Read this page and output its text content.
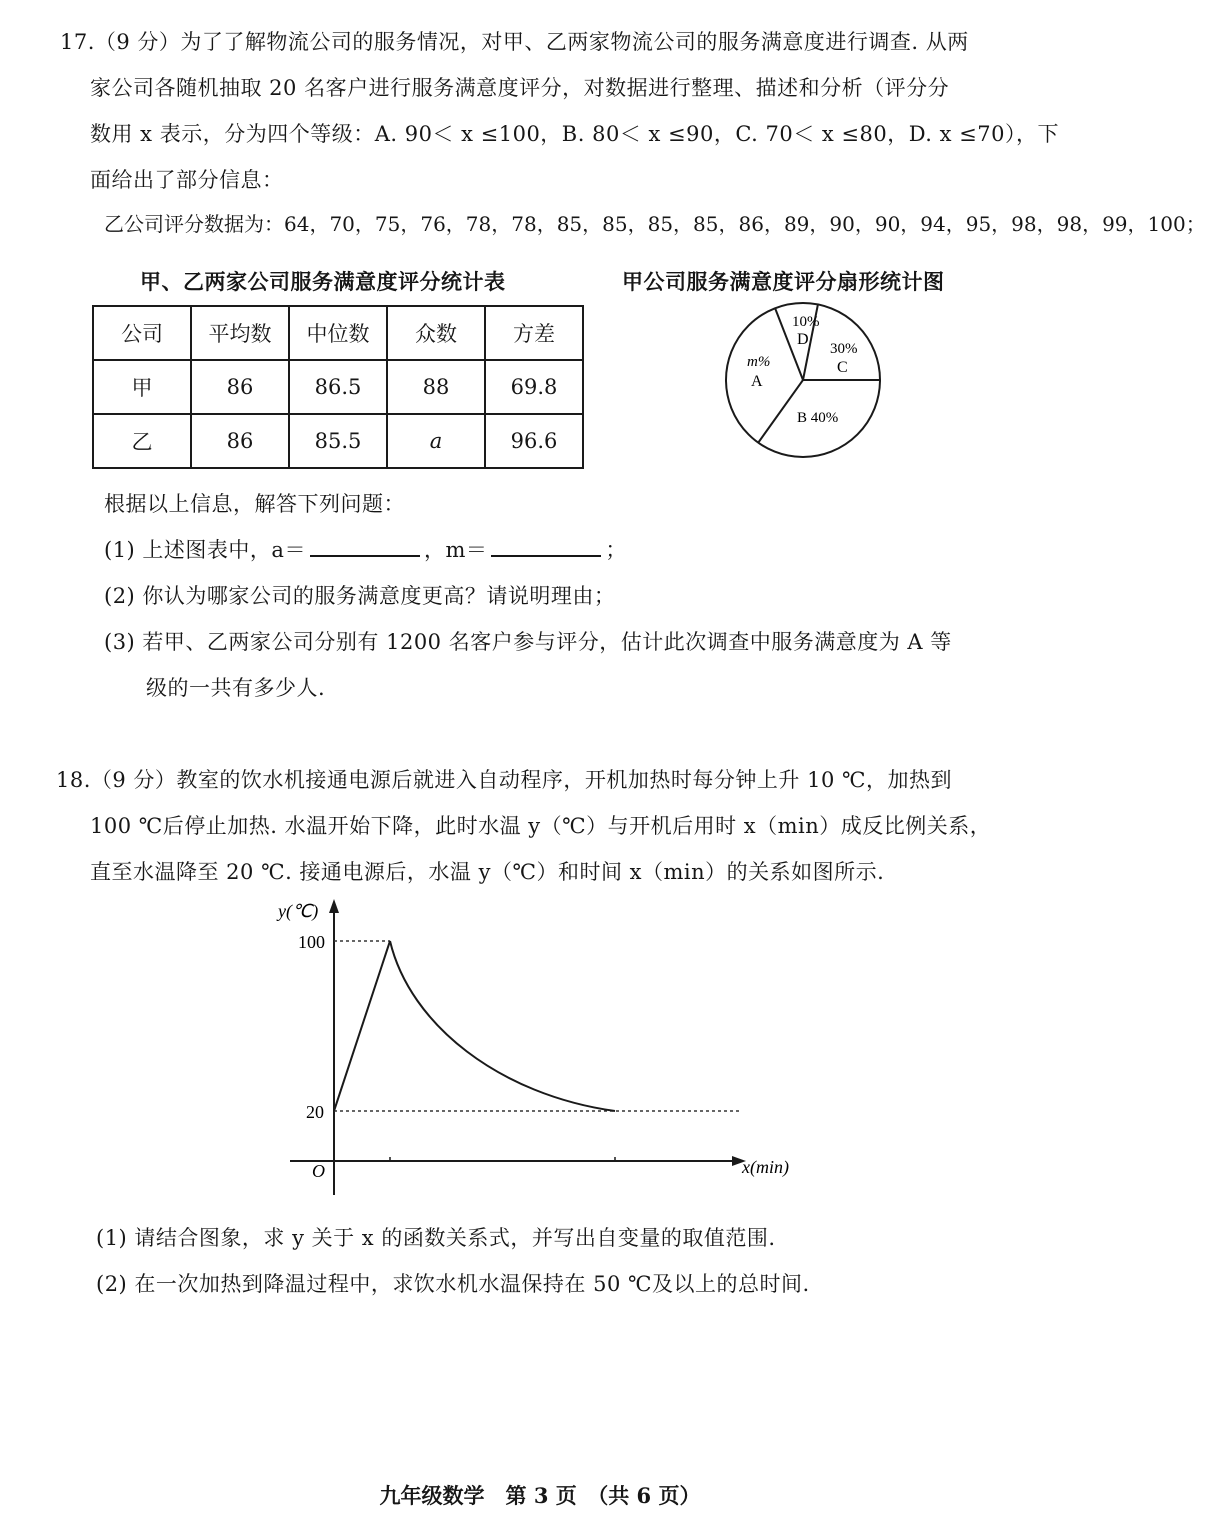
17.（9 分）为了了解物流公司的服务情况，对甲、乙两家物流公司的服务满意度进行调查. 从两
家公司各随机抽取 20 名客户进行服务满意度评分，对数据进行整理、描述和分析（评分分
数用 x 表示，分为四个等级：A. 90＜ x ≤100，B. 80＜ x ≤90，C. 70＜ x ≤80，D. x ≤70），下
面给出了部分信息：
乙公司评分数据为：64，70，75，76，78，78，85，85，85，85，86，89，90，90，94，95，98，98，99，100；
甲、乙两家公司服务满意度评分统计表	甲公司服务满意度评分扇形统计图
公司	平均数	中位数	众数	方差
甲	86	86.5	88	69.8
乙	86	85.5	a	96.6
10%
D
30%
C
m%
A
B 40%
根据以上信息，解答下列问题：
(1) 上述图表中，a＝	，m＝	；
(2) 你认为哪家公司的服务满意度更高？请说明理由；
(3) 若甲、乙两家公司分别有 1200 名客户参与评分，估计此次调查中服务满意度为 A 等
级的一共有多少人.
18.（9 分）教室的饮水机接通电源后就进入自动程序，开机加热时每分钟上升 10 ℃，加热到
100 ℃后停止加热. 水温开始下降，此时水温 y（℃）与开机后用时 x（min）成反比例关系，
直至水温降至 20 ℃. 接通电源后，水温 y（℃）和时间 x（min）的关系如图所示.
y(℃)
x(min)
O
100
20
(1) 请结合图象，求 y 关于 x 的函数关系式，并写出自变量的取值范围.
(2) 在一次加热到降温过程中，求饮水机水温保持在 50 ℃及以上的总时间.
九年级数学　第 3 页　（共 6 页）
